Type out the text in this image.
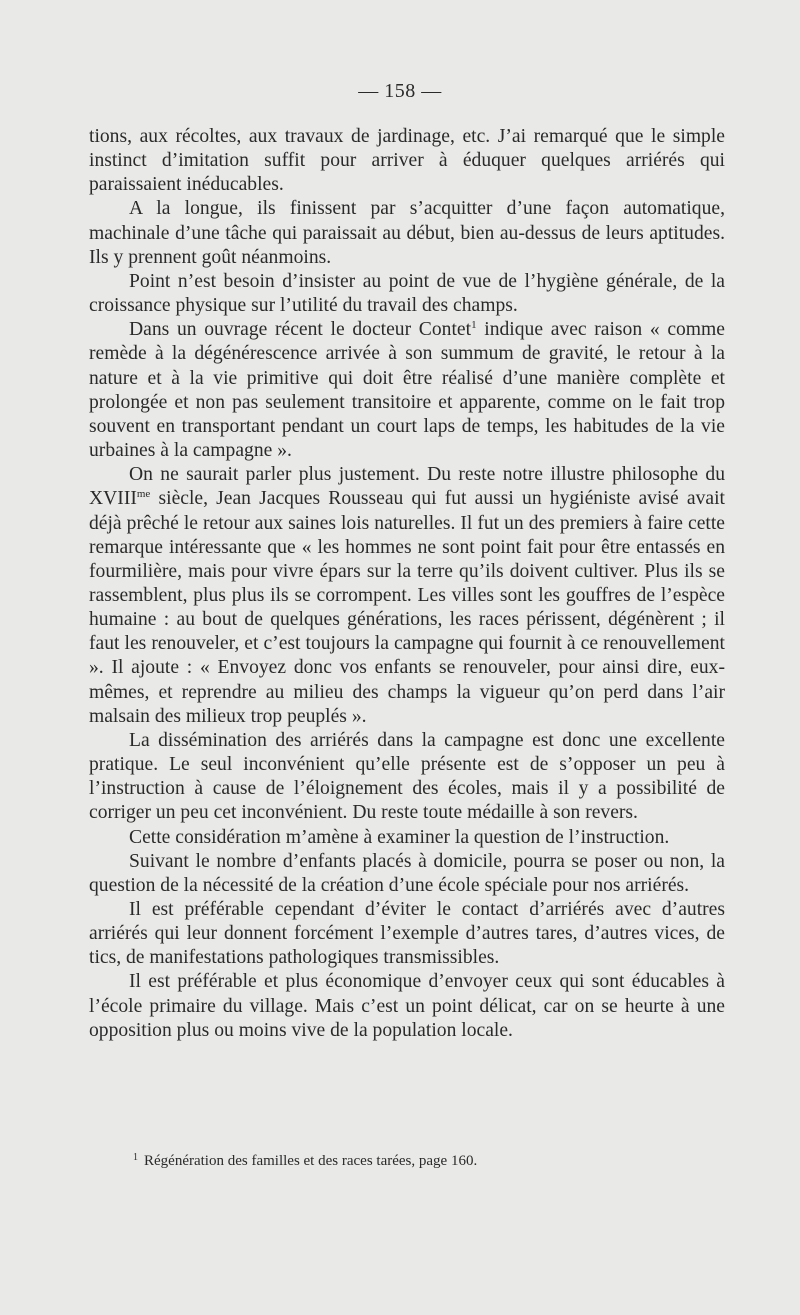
— 158 —

tions, aux récoltes, aux travaux de jardinage, etc. J’ai remarqué que le simple instinct d’imitation suffit pour arriver à éduquer quelques arriérés qui paraissaient inéducables.

A la longue, ils finissent par s’acquitter d’une façon automatique, machinale d’une tâche qui paraissait au début, bien au-dessus de leurs aptitudes. Ils y prennent goût néanmoins.

Point n’est besoin d’insister au point de vue de l’hygiène générale, de la croissance physique sur l’utilité du travail des champs.

Dans un ouvrage récent le docteur Contet$^1$ indique avec raison « comme remède à la dégénérescence arrivée à son summum de gravité, le retour à la nature et à la vie primitive qui doit être réalisé d’une manière complète et prolongée et non pas seulement transitoire et apparente, comme on le fait trop souvent en transportant pendant un court laps de temps, les habitudes de la vie urbaines à la campagne ».

On ne saurait parler plus justement. Du reste notre illustre philosophe du $XVIII^{me}$ siècle, Jean Jacques Rousseau qui fut aussi un hygiéniste avisé avait déjà prêché le retour aux saines lois naturelles. Il fut un des premiers à faire cette remarque intéressante que « les hommes ne sont point fait pour être entassés en fourmilière, mais pour vivre épars sur la terre qu’ils doivent cultiver. Plus ils se rassemblent, plus plus ils se corrompent. Les villes sont les gouffres de l’espèce humaine : au bout de quelques générations, les races périssent, dégénèrent ; il faut les renouveler, et c’est toujours la campagne qui fournit à ce renouvellement ». Il ajoute : « Envoyez donc vos enfants se renouveler, pour ainsi dire, eux-mêmes, et reprendre au milieu des champs la vigueur qu’on perd dans l’air malsain des milieux trop peuplés ».

La dissémination des arriérés dans la campagne est donc une excellente pratique. Le seul inconvénient qu’elle présente est de s’opposer un peu à l’instruction à cause de l’éloignement des écoles, mais il y a possibilité de corriger un peu cet inconvénient. Du reste toute médaille à son revers.

Cette considération m’amène à examiner la question de l’instruction.

Suivant le nombre d’enfants placés à domicile, pourra se poser ou non, la question de la nécessité de la création d’une école spéciale pour nos arriérés.

Il est préférable cependant d’éviter le contact d’arriérés avec d’autres arriérés qui leur donnent forcément l’exemple d’autres tares, d’autres vices, de tics, de manifestations pathologiques transmissibles.

Il est préférable et plus économique d’envoyer ceux qui sont éducables à l’école primaire du village. Mais c’est un point délicat, car on se heurte à une opposition plus ou moins vive de la population locale.

$^1$ Régénération des familles et des races tarées, page 160.
